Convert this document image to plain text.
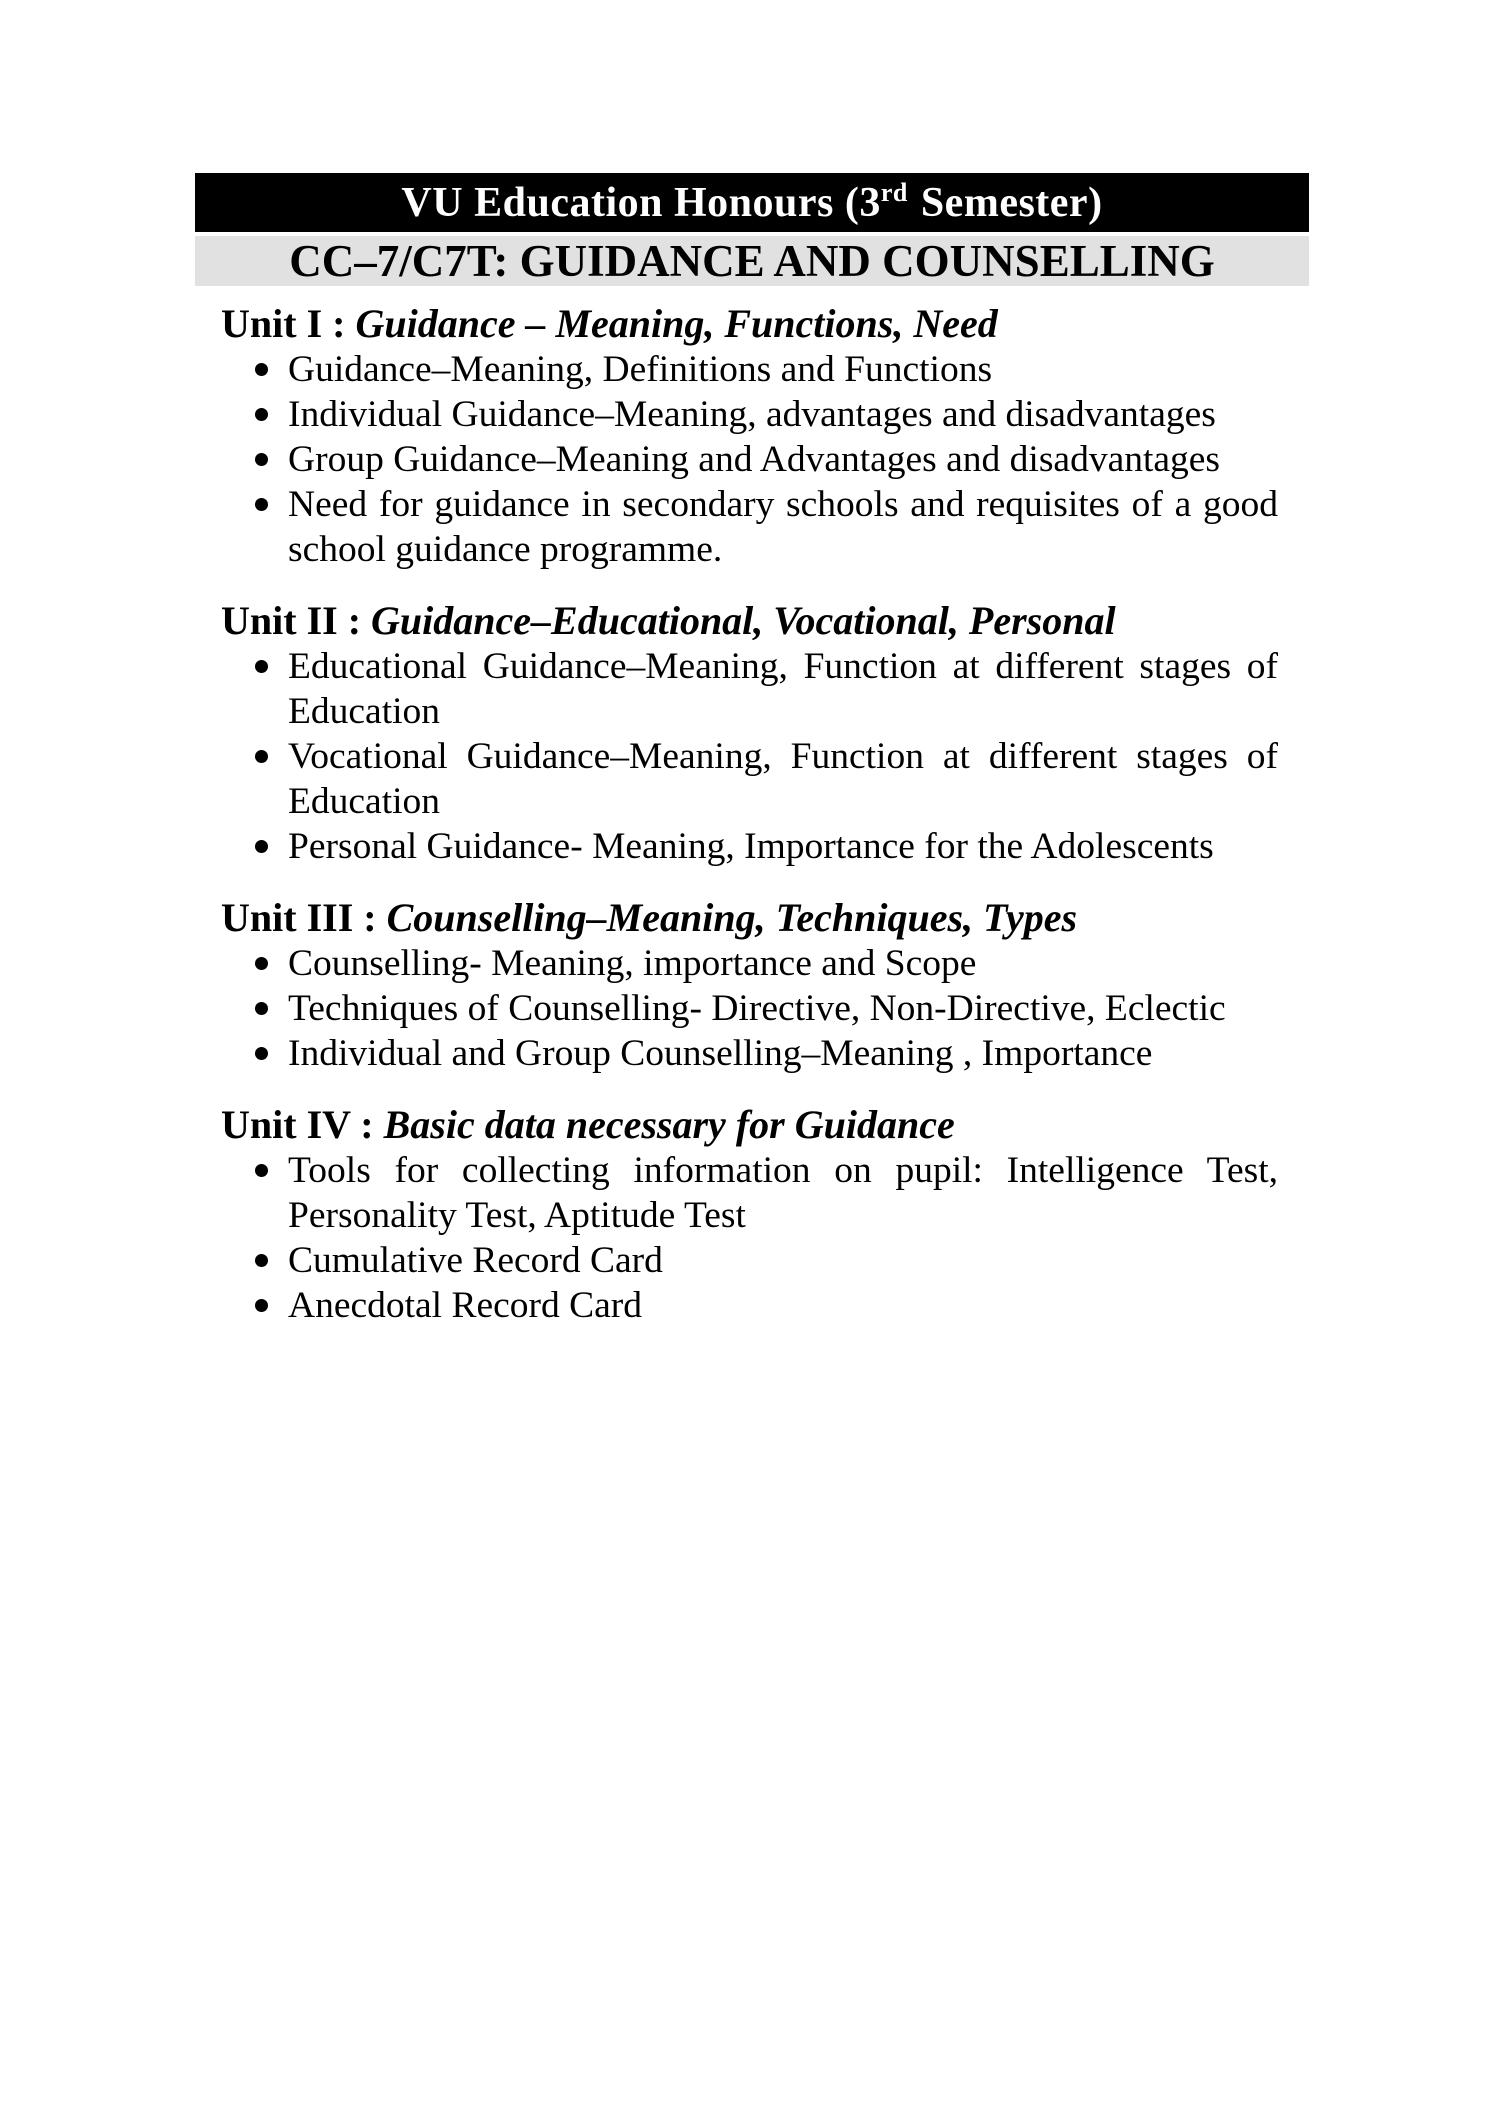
VU Education Honours (3rd Semester)
CC–7/C7T: GUIDANCE AND COUNSELLING
Unit I : Guidance – Meaning, Functions, Need
Guidance–Meaning, Definitions and Functions
Individual Guidance–Meaning, advantages and disadvantages
Group Guidance–Meaning and Advantages and disadvantages
Need for guidance in secondary schools and requisites of a good school guidance programme.
Unit II : Guidance–Educational, Vocational, Personal
Educational Guidance–Meaning, Function at different stages of Education
Vocational Guidance–Meaning, Function at different stages of Education
Personal Guidance- Meaning, Importance for the Adolescents
Unit III : Counselling–Meaning, Techniques, Types
Counselling- Meaning, importance and Scope
Techniques of Counselling- Directive, Non-Directive, Eclectic
Individual and Group Counselling–Meaning , Importance
Unit IV : Basic data necessary for Guidance
Tools for collecting information on pupil: Intelligence Test, Personality Test, Aptitude Test
Cumulative Record Card
Anecdotal Record Card
